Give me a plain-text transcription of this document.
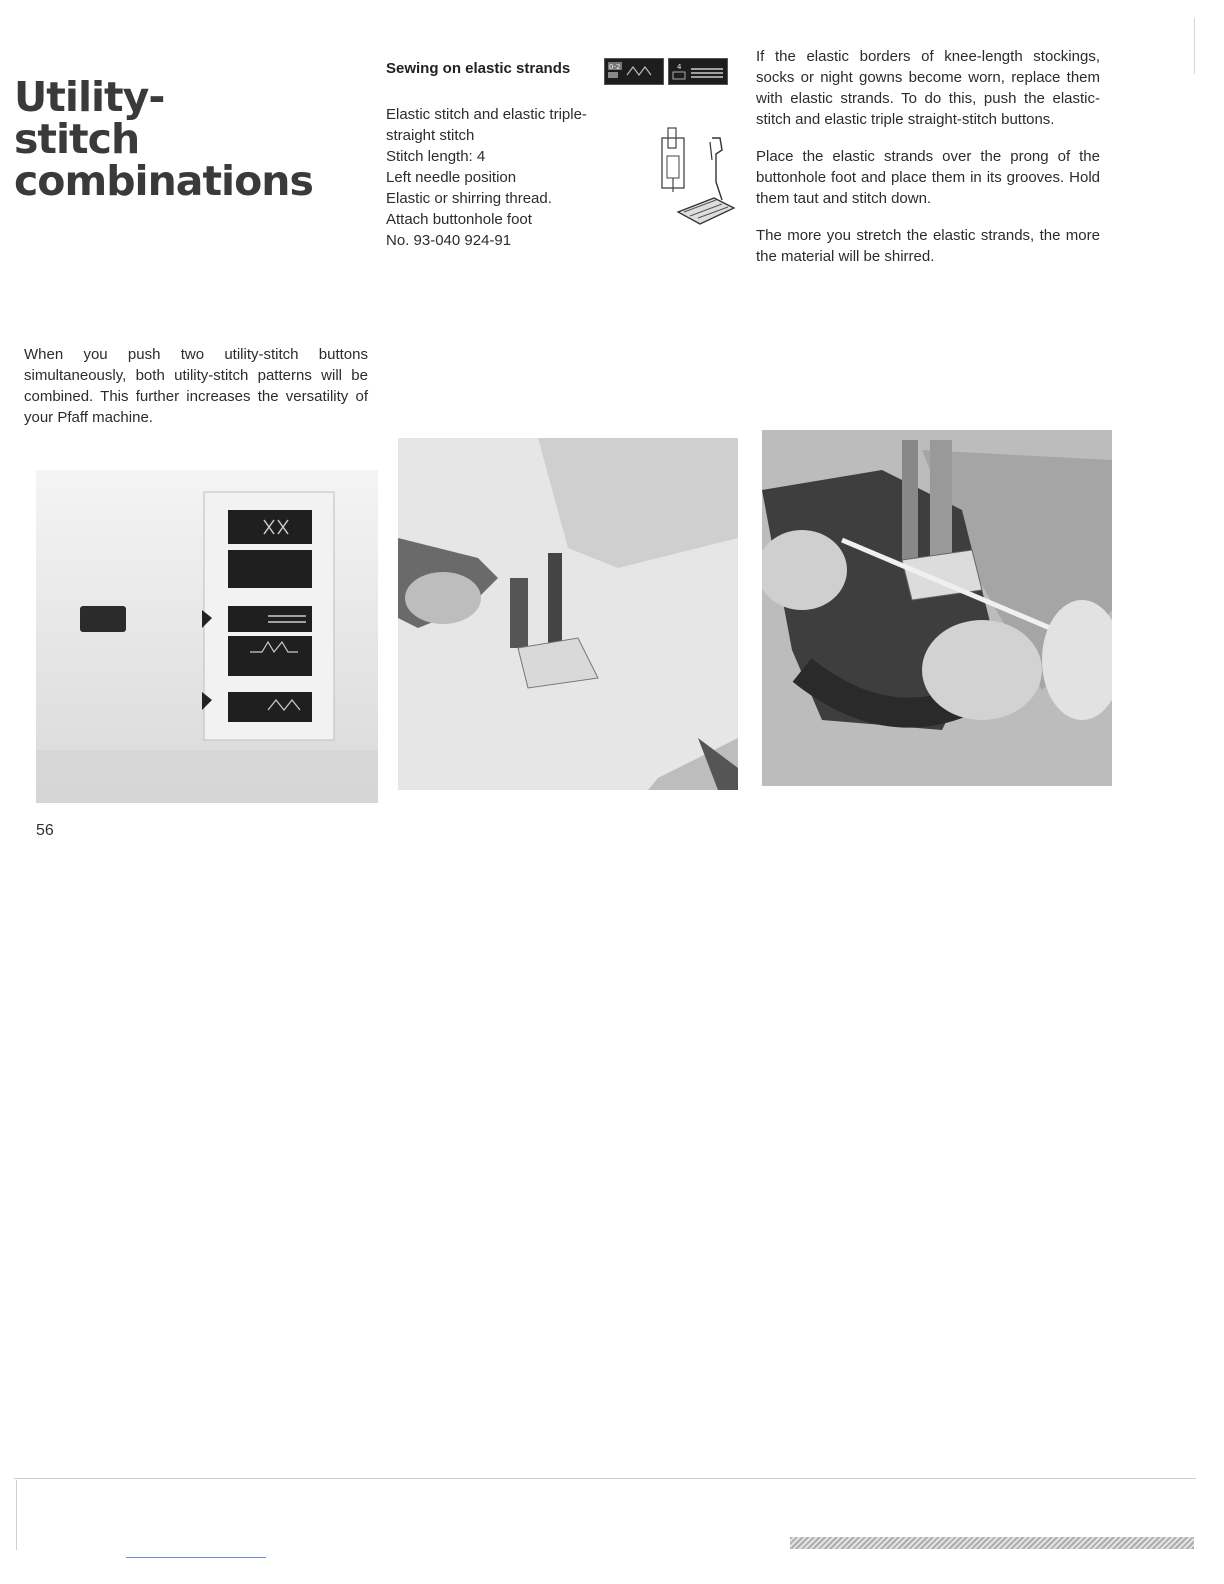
Utility-
stitch
combinations

When you push two utility-stitch buttons simultaneously, both utility-stitch patterns will be combined. This further increases the versatility of your Pfaff machine.

Sewing on elastic strands	0-2	4
Elastic stitch and elastic triple-
straight stitch
Stitch length: 4
Left needle position
Elastic or shirring thread.
Attach buttonhole foot
No. 93-040 924-91

If the elastic borders of knee-length stockings, socks or night gowns become worn, replace them with elastic strands. To do this, push the elastic-stitch and elastic triple straight-stitch buttons.

Place the elastic strands over the prong of the buttonhole foot and place them in its grooves. Hold them taut and stitch down.

The more you stretch the elastic strands, the more the material will be shirred.

56
